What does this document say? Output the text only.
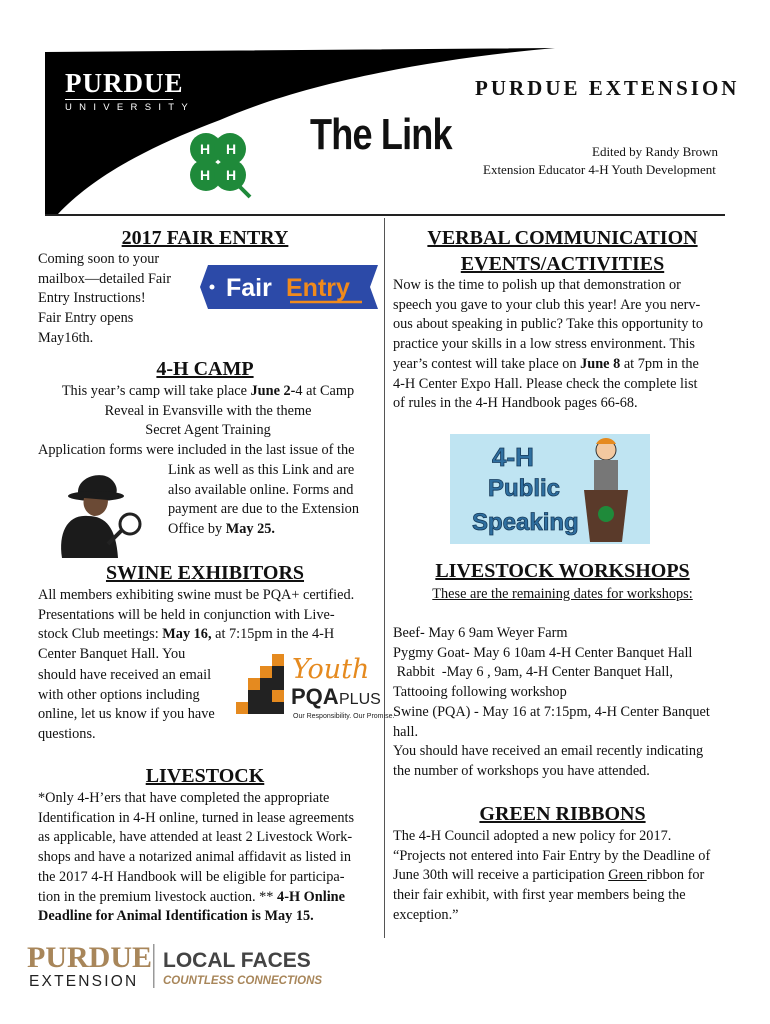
PURDUE
UNIVERSITY
PURDUE EXTENSION
The Link	Edited by Randy Brown
Extension Educator 4-H Youth Development
H H
H H
2017 FAIR ENTRY
Coming soon to your
mailbox—detailed Fair
Entry Instructions!
Fair Entry opens
May16th.
Fair Entry
4-H CAMP
This year’s camp will take place June 2-4 at Camp
Reveal in Evansville with the theme
Secret Agent Training
Application forms were included in the last issue of the
Link as well as this Link and are
also available online. Forms and
payment are due to the Extension
Office by May 25.
SWINE EXHIBITORS
All members exhibiting swine must be PQA+ certified.
Presentations will be held in conjunction with Live-
stock Club meetings: May 16, at 7:15pm in the 4-H
Center Banquet Hall. You
should have received an email
with other options including
online, let us know if you have
questions.
Youth
PQA PLUS
Our Responsibility. Our Promise.
LIVESTOCK
*Only 4-H’ers that have completed the appropriate
Identification in 4-H online, turned in lease agreements
as applicable, have attended at least 2 Livestock Work-
shops and have a notarized animal affidavit as listed in
the 2017 4-H Handbook will be eligible for participa-
tion in the premium livestock auction. ** 4-H Online
Deadline for Animal Identification is May 15.
VERBAL COMMUNICATION
EVENTS/ACTIVITIES
Now is the time to polish up that demonstration or
speech you gave to your club this year! Are you nerv-
ous about speaking in public? Take this opportunity to
practice your skills in a low stress environment. This
year’s contest will take place on June 8 at 7pm in the
4-H Center Expo Hall. Please check the complete list
of rules in the 4-H Handbook pages 66-68.
4-H
Public
Speaking
LIVESTOCK WORKSHOPS
These are the remaining dates for workshops:
Beef- May 6 9am Weyer Farm
Pygmy Goat- May 6 10am 4-H Center Banquet Hall
Rabbit  -May 6 , 9am, 4-H Center Banquet Hall,
Tattooing following workshop
Swine (PQA) - May 16 at 7:15pm, 4-H Center Banquet
hall.
You should have received an email recently indicating
the number of workshops you have attended.
GREEN RIBBONS
The 4-H Council adopted a new policy for 2017.
“Projects not entered into Fair Entry by the Deadline of
June 30th will receive a participation Green ribbon for
their fair exhibit, with first year members being the
exception.”
PURDUE
EXTENSION
LOCAL FACES
COUNTLESS CONNECTIONS
